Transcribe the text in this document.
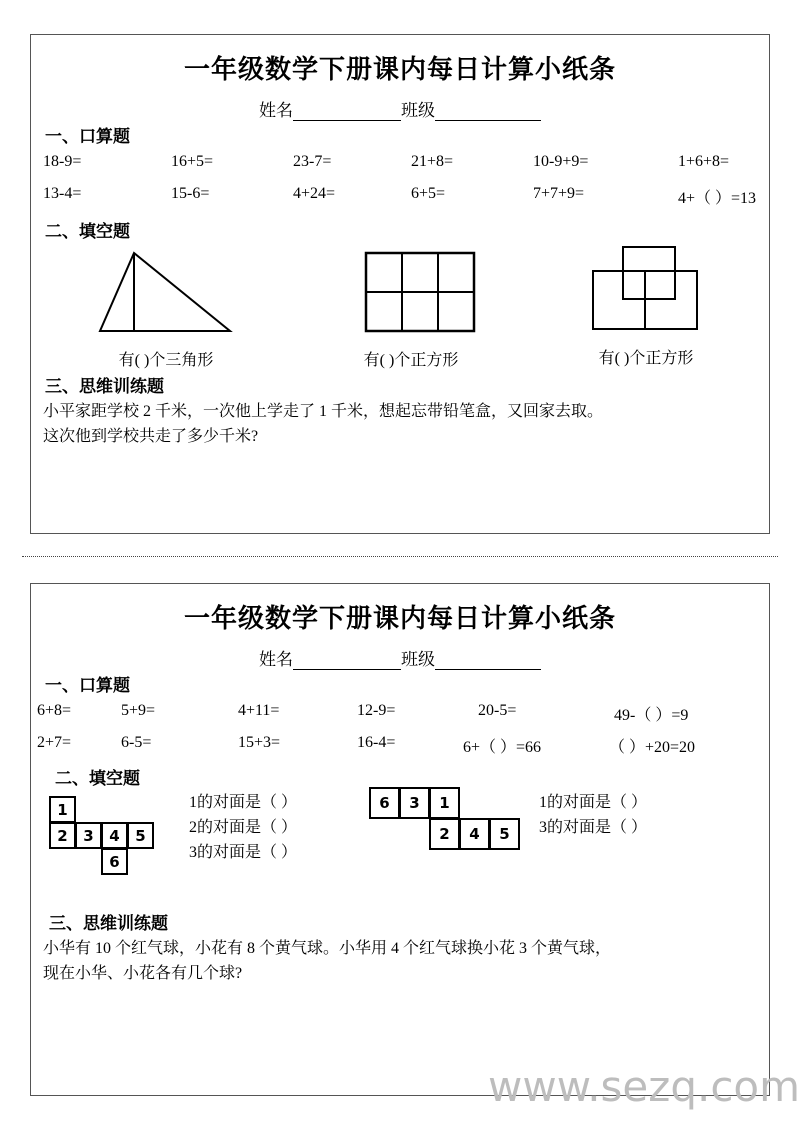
一年级数学下册课内每日计算小纸条
姓名	班级
一、口算题
18-9=	16+5=	23-7=	21+8=	10-9+9=	1+6+8=
13-4=	15-6=	4+24=	6+5=	7+7+9=	4+（ ）=13
二、填空题
有( )个三角形	有( )个正方形	有( )个正方形
三、思维训练题
小平家距学校 2 千米，一次他上学走了 1 千米，想起忘带铅笔盒，又回家去取。
这次他到学校共走了多少千米?
一年级数学下册课内每日计算小纸条
姓名	班级
一、口算题
6+8=	5+9=	4+11=	12-9=	20-5=	49-（ ）=9
2+7=	6-5=	15+3=	16-4=	6+（ ）=66	（ ）+20=20
二、填空题
1
2	3	4	5
6
1的对面是（ ）
2的对面是（ ）
3的对面是（ ）
6	3	1
2	4	5
1的对面是（ ）
3的对面是（ ）
三、思维训练题
小华有 10 个红气球，小花有 8 个黄气球。小华用 4 个红气球换小花 3 个黄气球，
现在小华、小花各有几个球?
www.sezq.com
